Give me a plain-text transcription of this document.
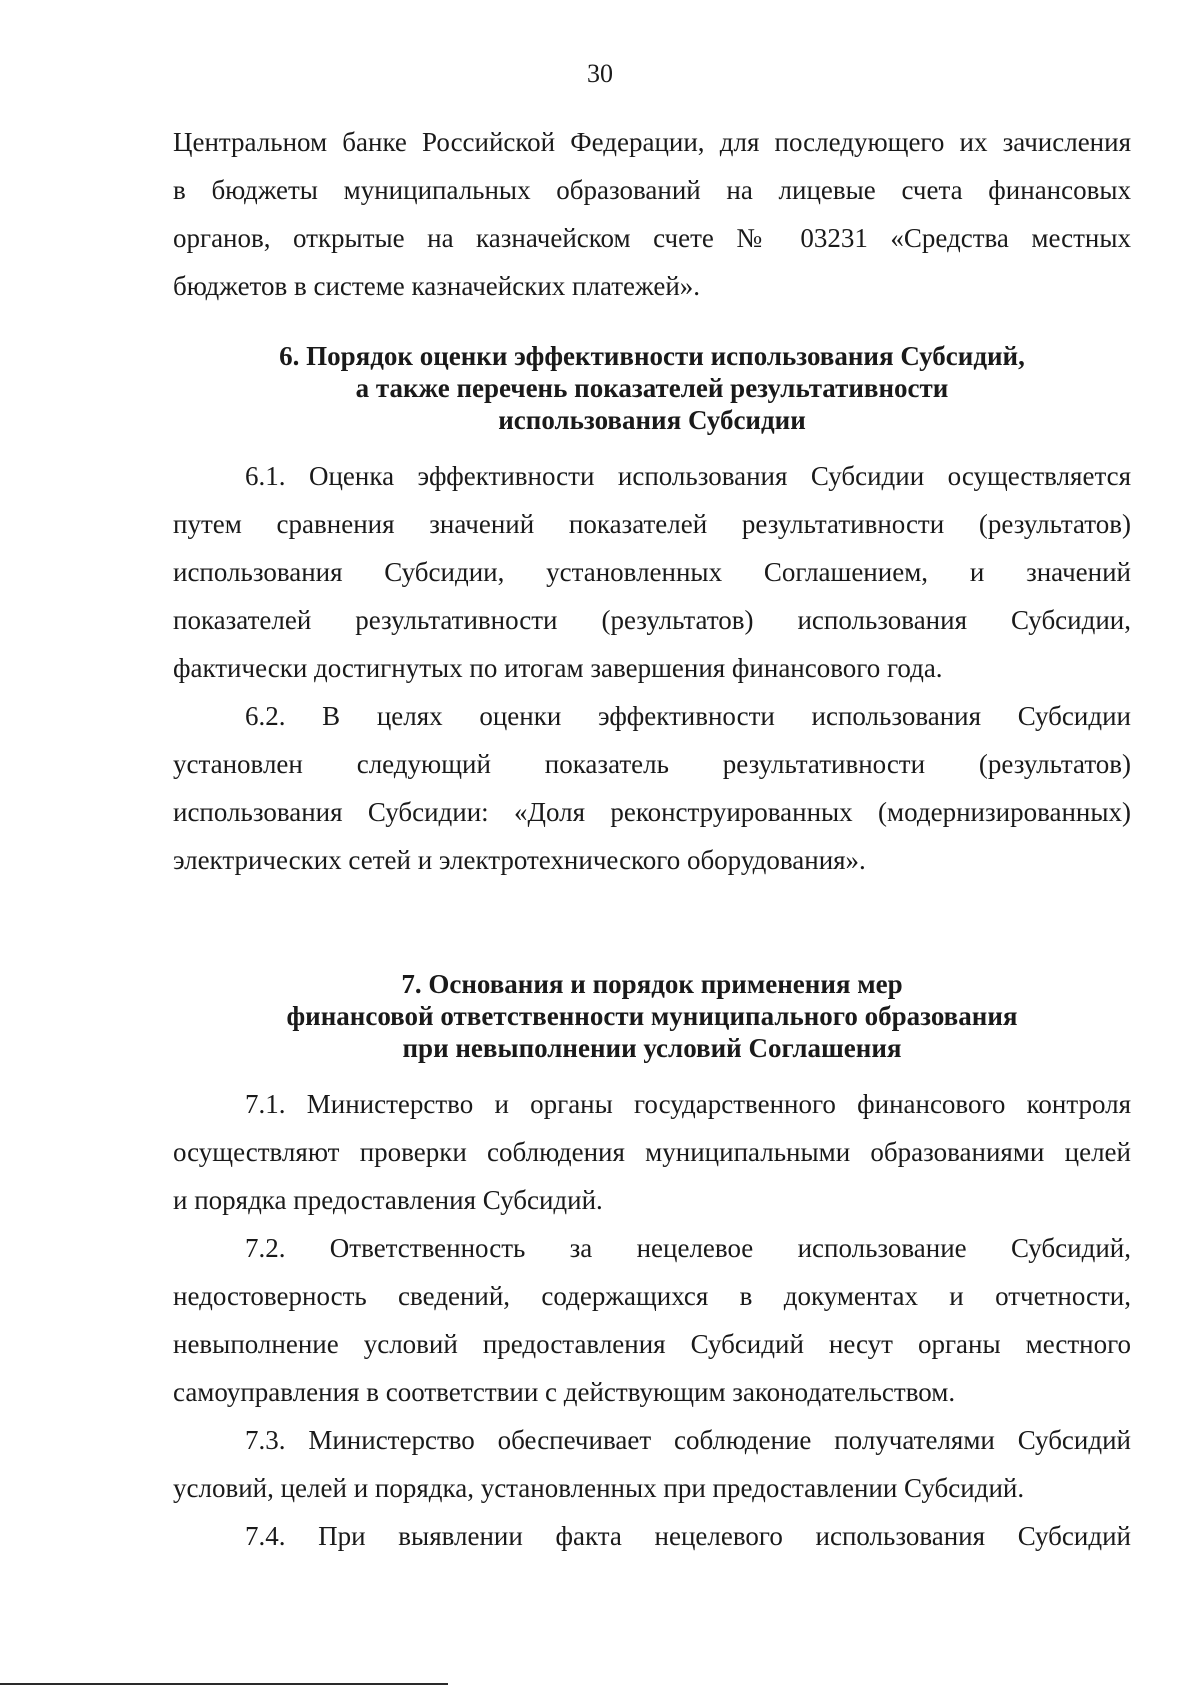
30

Центральном банке Российской Федерации, для последующего их зачисления
в бюджеты муниципальных образований на лицевые счета финансовых
органов, открытые на казначейском счете № 03231 «Средства местных
бюджетов в системе казначейских платежей».

6. Порядок оценки эффективности использования Субсидий,
а также перечень показателей результативности
использования Субсидии

6.1. Оценка эффективности использования Субсидии осуществляется
путем сравнения значений показателей результативности (результатов)
использования Субсидии, установленных Соглашением, и значений
показателей результативности (результатов) использования Субсидии,
фактически достигнутых по итогам завершения финансового года.

6.2. В целях оценки эффективности использования Субсидии
установлен следующий показатель результативности (результатов)
использования Субсидии: «Доля реконструированных (модернизированных)
электрических сетей и электротехнического оборудования».

7. Основания и порядок применения мер
финансовой ответственности муниципального образования
при невыполнении условий Соглашения

7.1. Министерство и органы государственного финансового контроля
осуществляют проверки соблюдения муниципальными образованиями целей
и порядка предоставления Субсидий.

7.2. Ответственность за нецелевое использование Субсидий,
недостоверность сведений, содержащихся в документах и отчетности,
невыполнение условий предоставления Субсидий несут органы местного
самоуправления в соответствии с действующим законодательством.

7.3. Министерство обеспечивает соблюдение получателями Субсидий
условий, целей и порядка, установленных при предоставлении Субсидий.

7.4. При выявлении факта нецелевого использования Субсидий
